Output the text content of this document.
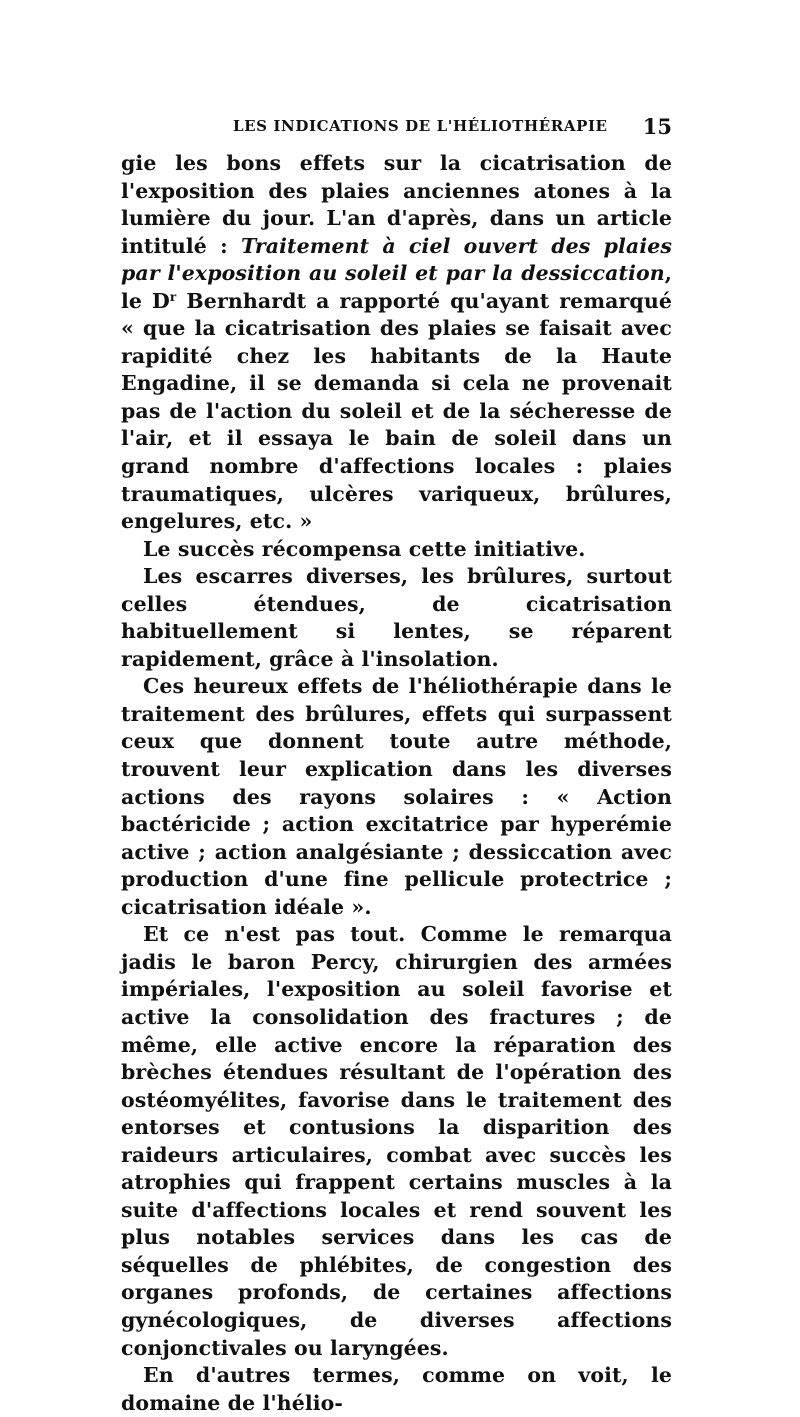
LES INDICATIONS DE L'HÉLIOTHÉRAPIE 15

gie les bons effets sur la cicatrisation de l'exposition des plaies anciennes atones à la lumière du jour. L'an d'après, dans un article intitulé : Traitement à ciel ouvert des plaies par l'exposition au soleil et par la dessiccation, le $D^r$ Bernhardt a rapporté qu'ayant remarqué « que la cicatrisation des plaies se faisait avec rapidité chez les habitants de la Haute Engadine, il se demanda si cela ne provenait pas de l'action du soleil et de la sécheresse de l'air, et il essaya le bain de soleil dans un grand nombre d'affections locales : plaies traumatiques, ulcères variqueux, brûlures, engelures, etc. »

Le succès récompensa cette initiative.

Les escarres diverses, les brûlures, surtout celles étendues, de cicatrisation habituellement si lentes, se réparent rapidement, grâce à l'insolation.

Ces heureux effets de l'héliothérapie dans le traitement des brûlures, effets qui surpassent ceux que donnent toute autre méthode, trouvent leur explication dans les diverses actions des rayons solaires : « Action bactéricide ; action excitatrice par hyperémie active ; action analgésiante ; dessiccation avec production d'une fine pellicule protectrice ; cicatrisation idéale ».

Et ce n'est pas tout. Comme le remarqua jadis le baron Percy, chirurgien des armées impériales, l'exposition au soleil favorise et active la consolidation des fractures ; de même, elle active encore la réparation des brèches étendues résultant de l'opération des ostéomyélites, favorise dans le traitement des entorses et contusions la disparition des raideurs articulaires, combat avec succès les atrophies qui frappent certains muscles à la suite d'affections locales et rend souvent les plus notables services dans les cas de séquelles de phlébites, de congestion des organes profonds, de certaines affections gynécologiques, de diverses affections conjonctivales ou laryngées.

En d'autres termes, comme on voit, le domaine de l'hélio-
